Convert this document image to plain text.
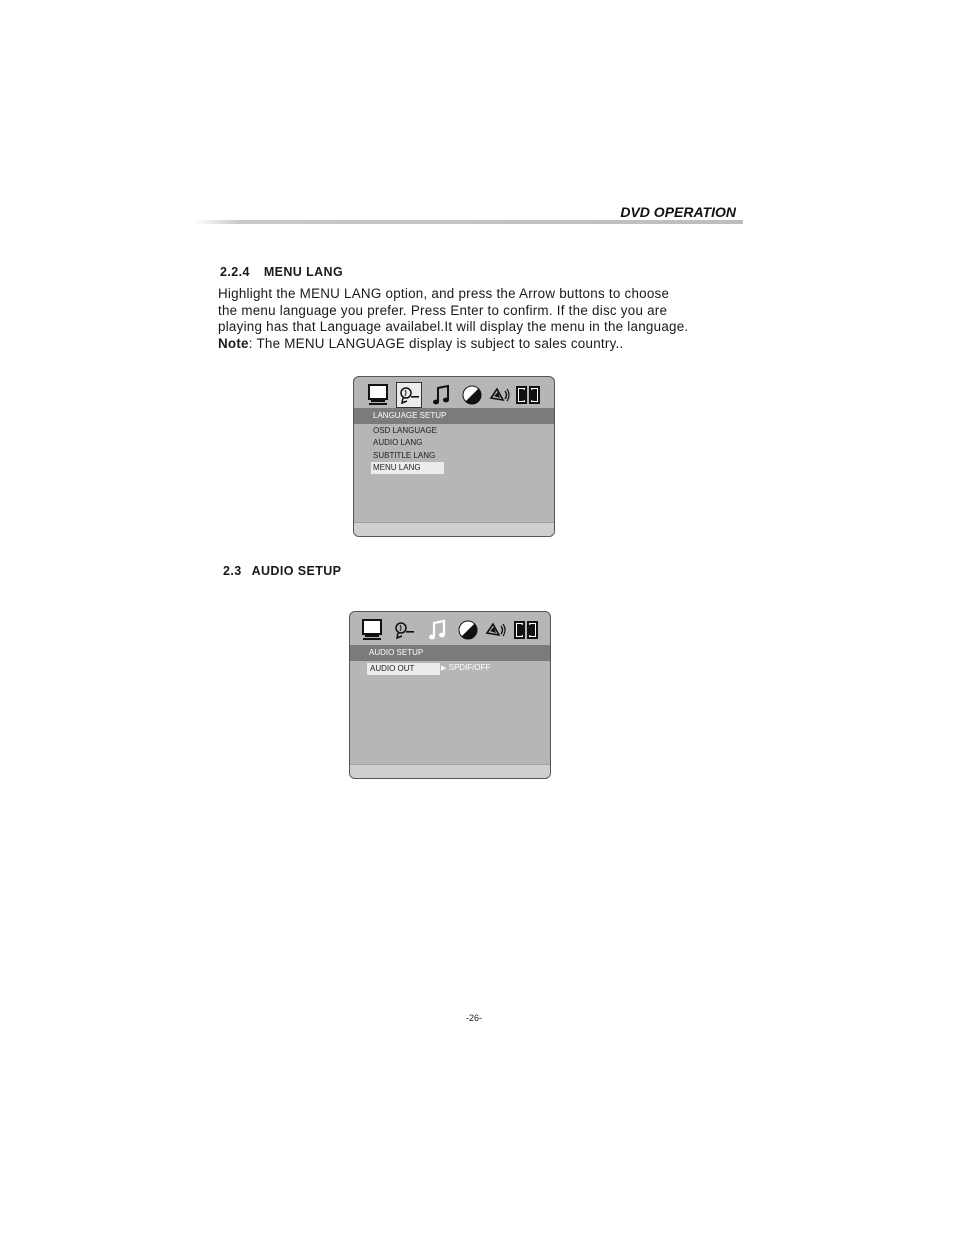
DVD OPERATION
2.2.4 MENU LANG
Highlight the MENU LANG option, and press the Arrow buttons to choose
the menu language you prefer. Press Enter to confirm. If the disc you are
playing has that Language availabel.It will display the menu in the language.
Note: The MENU LANGUAGE display is subject to sales country..
LANGUAGE SETUP
OSD LANGUAGE
AUDIO LANG
SUBTITLE LANG
MENU LANG
2.3 AUDIO SETUP
AUDIO SETUP
AUDIO OUT	▶ SPDIF/OFF
-26-
